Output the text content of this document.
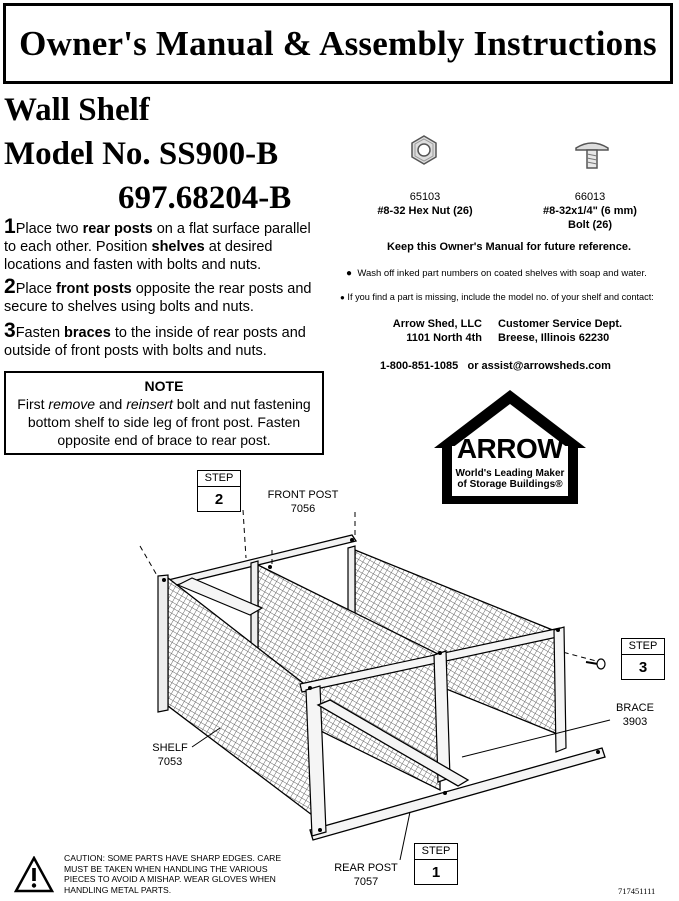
Owner's Manual & Assembly Instructions
Wall Shelf
Model No. SS900-B
697.68204-B
1Place two rear posts on a flat surface parallel to each other. Position shelves at desired locations and fasten with bolts and nuts.
2Place front posts opposite the rear posts and secure to shelves using bolts and nuts.
3Fasten braces to the inside of rear posts and outside of front posts with bolts and nuts.
NOTE
First remove and reinsert bolt and nut fastening bottom shelf to side leg of front post. Fasten opposite end of brace to rear post.
65103
#8-32 Hex Nut (26)
66013
#8-32x1/4" (6 mm)
Bolt (26)
Keep this Owner's Manual for future reference.
● Wash off inked part numbers on coated shelves with soap and water.
● If you find a part is missing, include the model no. of your shelf and contact:
Arrow Shed, LLC
1101 North 4th
Customer Service Dept.
Breese, Illinois 62230
1-800-851-1085 or assist@arrowsheds.com
ARROW
World's Leading Maker
of Storage Buildings®
STEP
2
STEP
3
STEP
1
FRONT POST
7056
BRACE
3903
SHELF
7053
REAR POST
7057
CAUTION: SOME PARTS HAVE SHARP EDGES. CARE MUST BE TAKEN WHEN HANDLING THE VARIOUS PIECES TO AVOID A MISHAP. WEAR GLOVES WHEN HANDLING METAL PARTS.	717451111
